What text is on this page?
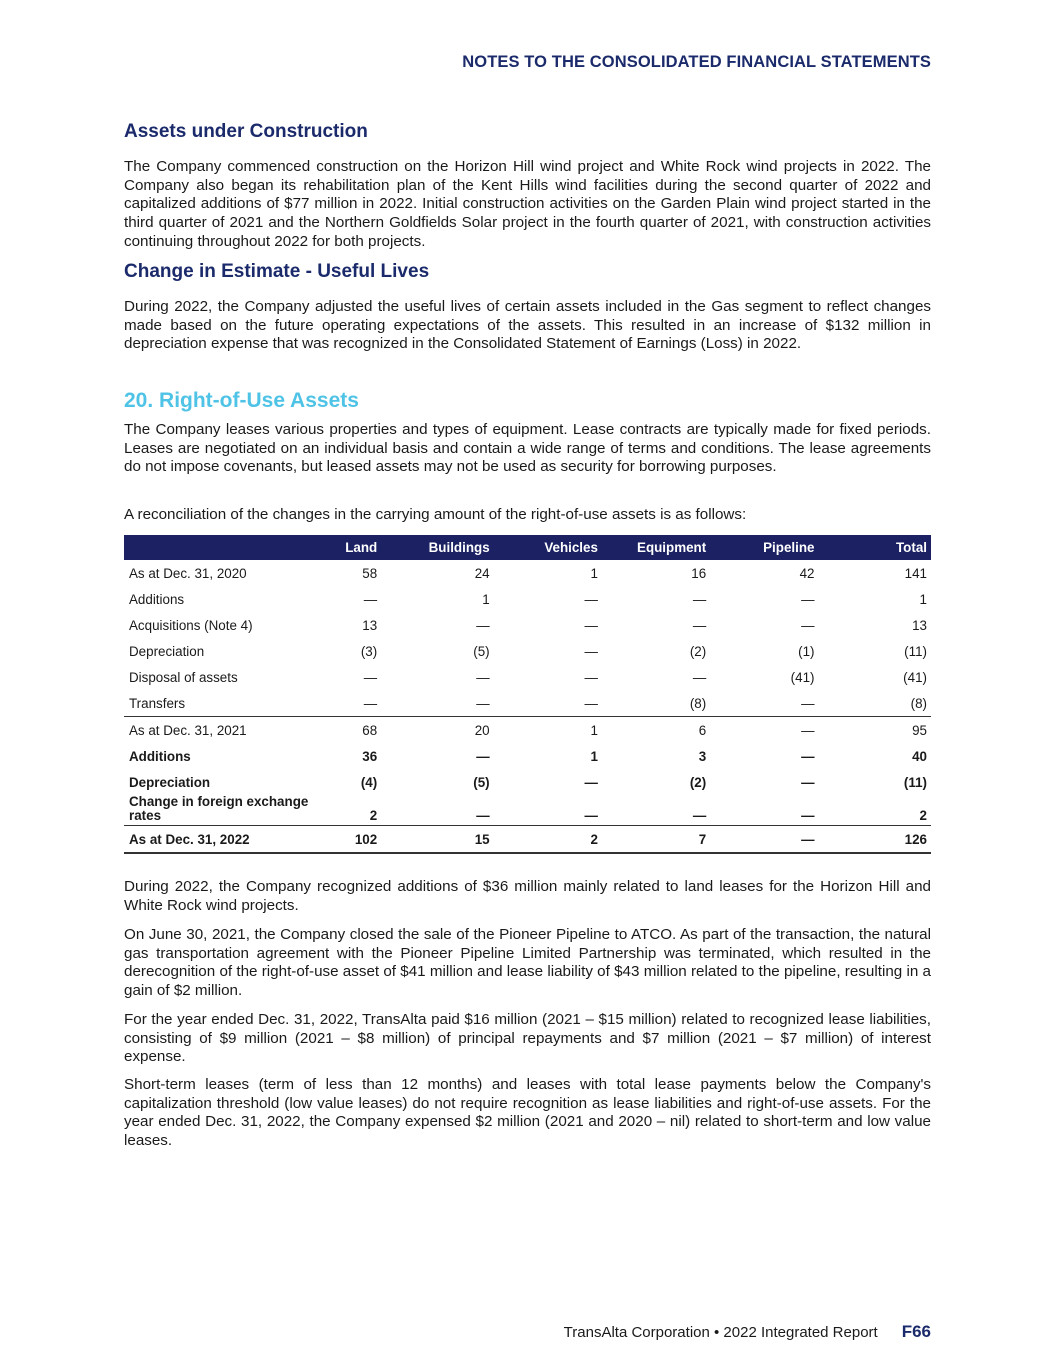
NOTES TO THE CONSOLIDATED FINANCIAL STATEMENTS
Assets under Construction

The Company commenced construction on the Horizon Hill wind project and White Rock wind projects in 2022. The Company also began its rehabilitation plan of the Kent Hills wind facilities during the second quarter of 2022 and capitalized additions of $77 million in 2022. Initial construction activities on the Garden Plain wind project started in the third quarter of 2021 and the Northern Goldfields Solar project in the fourth quarter of 2021, with construction activities continuing throughout 2022 for both projects.

Change in Estimate - Useful Lives

During 2022, the Company adjusted the useful lives of certain assets included in the Gas segment to reflect changes made based on the future operating expectations of the assets. This resulted in an increase of $132 million in depreciation expense that was recognized in the Consolidated Statement of Earnings (Loss) in 2022.

20. Right-of-Use Assets

The Company leases various properties and types of equipment. Lease contracts are typically made for fixed periods. Leases are negotiated on an individual basis and contain a wide range of terms and conditions. The lease agreements do not impose covenants, but leased assets may not be used as security for borrowing purposes.

A reconciliation of the changes in the carrying amount of the right-of-use assets is as follows:

	Land	Buildings	Vehicles	Equipment	Pipeline	Total
As at Dec. 31, 2020	58	24	1	16	42	141
Additions	—	1	—	—	—	1
Acquisitions (Note 4)	13	—	—	—	—	13
Depreciation	(3)	(5)	—	(2)	(1)	(11)
Disposal of assets	—	—	—	—	(41)	(41)
Transfers	—	—	—	(8)	—	(8)
As at Dec. 31, 2021	68	20	1	6	—	95
Additions	36	—	1	3	—	40
Depreciation	(4)	(5)	—	(2)	—	(11)
Change in foreign exchange rates	2	—	—	—	—	2
As at Dec. 31, 2022	102	15	2	7	—	126

During 2022, the Company recognized additions of $36 million mainly related to land leases for the Horizon Hill and White Rock wind projects.

On June 30, 2021, the Company closed the sale of the Pioneer Pipeline to ATCO. As part of the transaction, the natural gas transportation agreement with the Pioneer Pipeline Limited Partnership was terminated, which resulted in the derecognition of the right-of-use asset of $41 million and lease liability of $43 million related to the pipeline, resulting in a gain of $2 million.

For the year ended Dec. 31, 2022, TransAlta paid $16 million (2021 – $15 million) related to recognized lease liabilities, consisting of $9 million (2021 – $8 million) of principal repayments and $7 million (2021 – $7 million) of interest expense.

Short-term leases (term of less than 12 months) and leases with total lease payments below the Company's capitalization threshold (low value leases) do not require recognition as lease liabilities and right-of-use assets. For the year ended Dec. 31, 2022, the Company expensed $2 million (2021 and 2020 – nil) related to short-term and low value leases.

TransAlta Corporation • 2022 Integrated Report F66
